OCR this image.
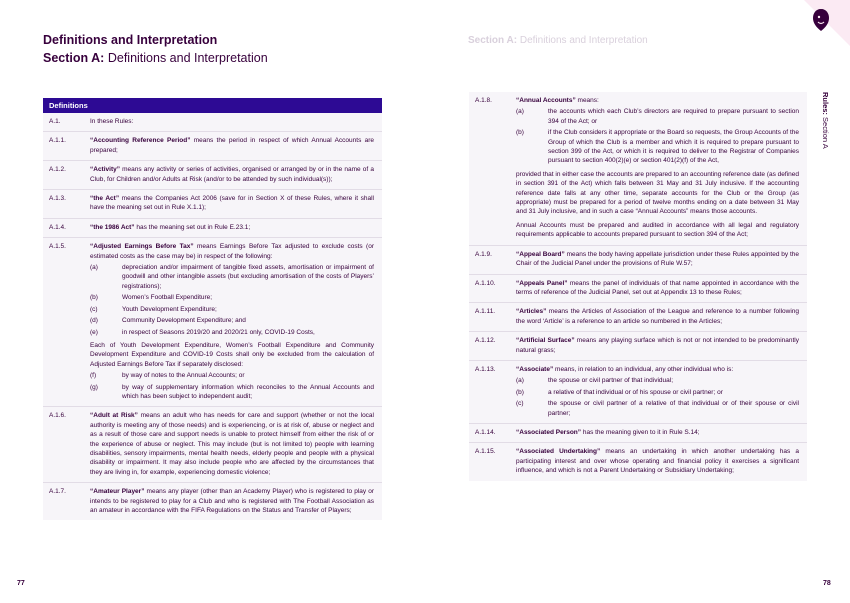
Definitions and Interpretation
Section A: Definitions and Interpretation
Section A: Definitions and Interpretation
Rules: Section A
Definitions
A.1.	In these Rules:
A.1.1.	“Accounting Reference Period” means the period in respect of which Annual Accounts are prepared;
A.1.2.	“Activity” means any activity or series of activities, organised or arranged by or in the name of a Club, for Children and/or Adults at Risk (and/or to be attended by such individual(s));
A.1.3.	“the Act” means the Companies Act 2006 (save for in Section X of these Rules, where it shall have the meaning set out in Rule X.1.1);
A.1.4.	“the 1986 Act” has the meaning set out in Rule E.23.1;
A.1.5.	“Adjusted Earnings Before Tax” means Earnings Before Tax adjusted to exclude costs (or estimated costs as the case may be) in respect of the following:

(a)	depreciation and/or impairment of tangible fixed assets, amortisation or impairment of goodwill and other intangible assets (but excluding amortisation of the costs of Players’ registrations);
(b)	Women’s Football Expenditure;
(c)	Youth Development Expenditure;
(d)	Community Development Expenditure; and
(e)	in respect of Seasons 2019/20 and 2020/21 only, COVID-19 Costs,

Each of Youth Development Expenditure, Women’s Football Expenditure and Community Development Expenditure and COVID-19 Costs shall only be excluded from the calculation of Adjusted Earnings Before Tax if separately disclosed:

(f)	by way of notes to the Annual Accounts; or
(g)	by way of supplementary information which reconciles to the Annual Accounts and which has been subject to independent audit;
A.1.6.	“Adult at Risk” means an adult who has needs for care and support (whether or not the local authority is meeting any of those needs) and is experiencing, or is at risk of, abuse or neglect and as a result of those care and support needs is unable to protect himself from either the risk of or the experience of abuse or neglect. This may include (but is not limited to) people with learning disabilities, sensory impairments, mental health needs, elderly people and people with a physical disability or impairment. It may also include people who are affected by the circumstances that they are living in, for example, experiencing domestic violence;
A.1.7.	“Amateur Player” means any player (other than an Academy Player) who is registered to play or intends to be registered to play for a Club and who is registered with The Football Association as an amateur in accordance with the FIFA Regulations on the Status and Transfer of Players;
A.1.8.	“Annual Accounts” means:

(a)	the accounts which each Club’s directors are required to prepare pursuant to section 394 of the Act; or
(b)	if the Club considers it appropriate or the Board so requests, the Group Accounts of the Group of which the Club is a member and which it is required to prepare pursuant to section 399 of the Act, or which it is required to deliver to the Registrar of Companies pursuant to section 400(2)(e) or section 401(2)(f) of the Act,

provided that in either case the accounts are prepared to an accounting reference date (as defined in section 391 of the Act) which falls between 31 May and 31 July inclusive. If the accounting reference date falls at any other time, separate accounts for the Club or the Group (as appropriate) must be prepared for a period of twelve months ending on a date between 31 May and 31 July inclusive, and in such a case “Annual Accounts” means those accounts.

Annual Accounts must be prepared and audited in accordance with all legal and regulatory requirements applicable to accounts prepared pursuant to section 394 of the Act;

A.1.9.	“Appeal Board” means the body having appellate jurisdiction under these Rules appointed by the Chair of the Judicial Panel under the provisions of Rule W.57;
A.1.10.	“Appeals Panel” means the panel of individuals of that name appointed in accordance with the terms of reference of the Judicial Panel, set out at Appendix 13 to these Rules;
A.1.11.	“Articles” means the Articles of Association of the League and reference to a number following the word ‘Article’ is a reference to an article so numbered in the Articles;
A.1.12.	“Artificial Surface” means any playing surface which is not or not intended to be predominantly natural grass;
A.1.13.	“Associate” means, in relation to an individual, any other individual who is:

(a)	the spouse or civil partner of that individual;
(b)	a relative of that individual or of his spouse or civil partner; or
(c)	the spouse or civil partner of a relative of that individual or of their spouse or civil partner;
A.1.14.	“Associated Person” has the meaning given to it in Rule S.14;
A.1.15.	“Associated Undertaking” means an undertaking in which another undertaking has a participating interest and over whose operating and financial policy it exercises a significant influence, and which is not a Parent Undertaking or Subsidiary Undertaking;
77	78
